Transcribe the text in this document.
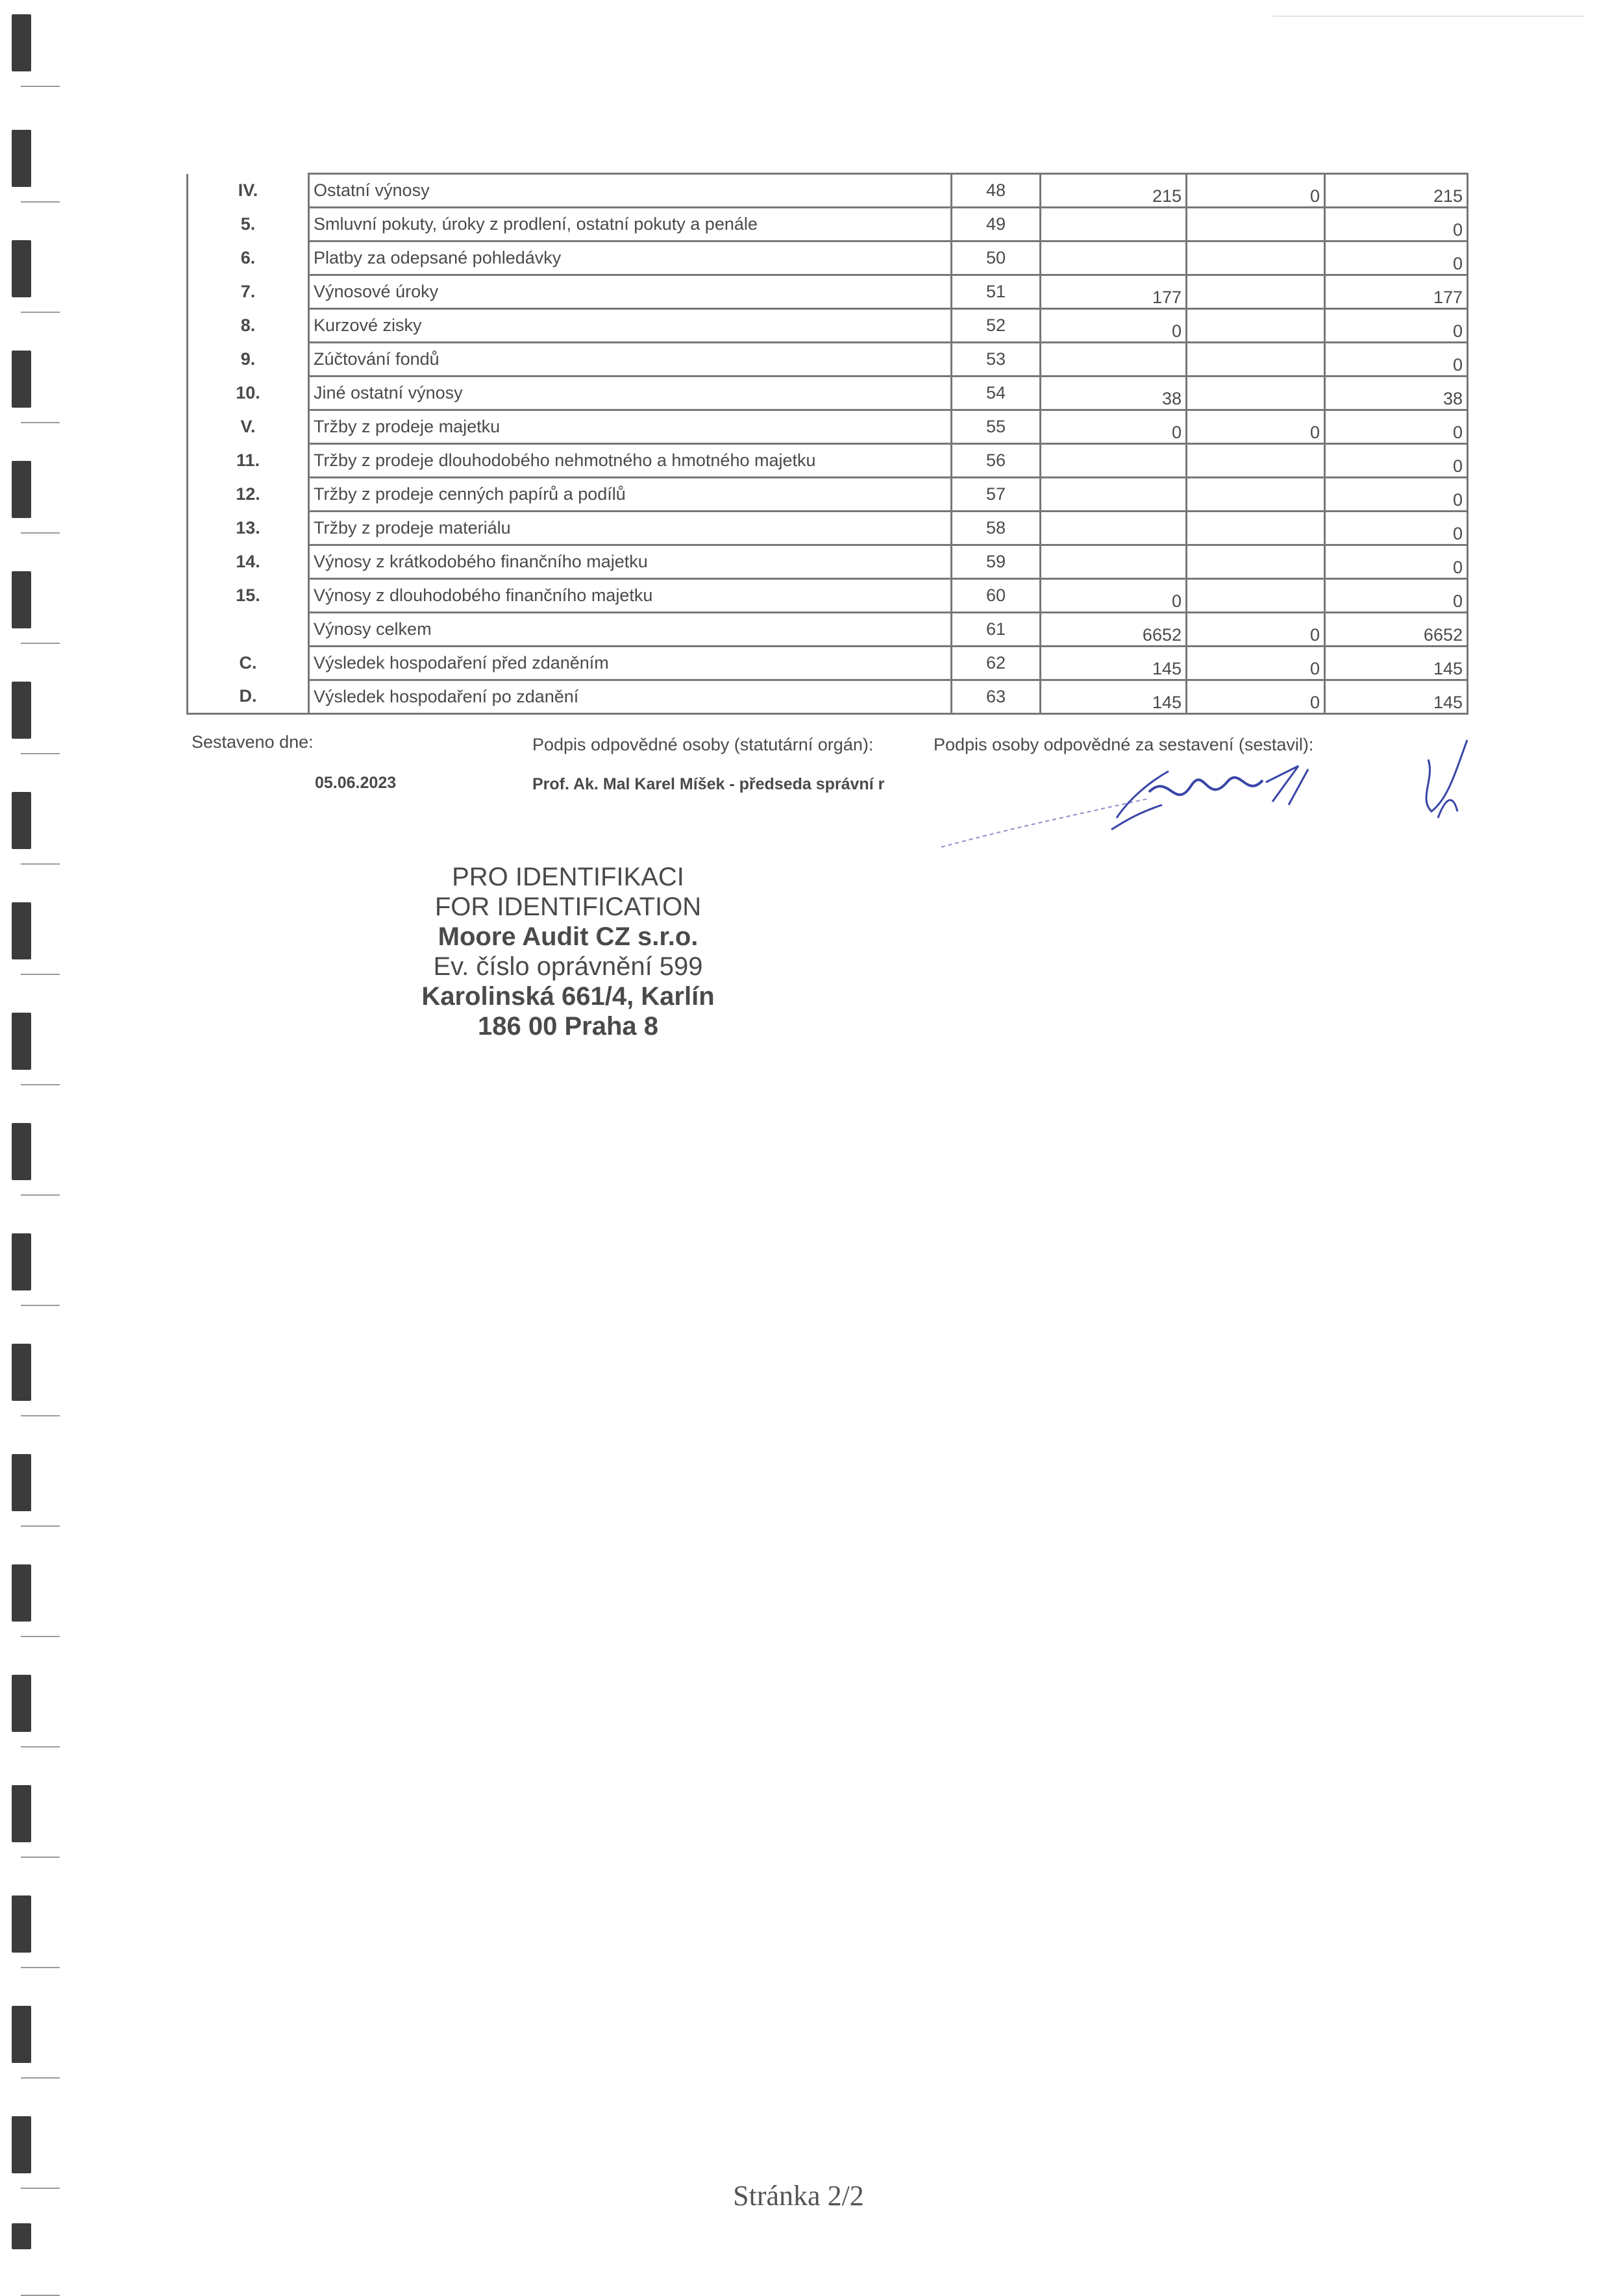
IV.	Ostatní výnosy	48	215	0	215
5.	Smluvní pokuty, úroky z prodlení, ostatní pokuty a penále	49			0
6.	Platby za odepsané pohledávky	50			0
7.	Výnosové úroky	51	177		177
8.	Kurzové zisky	52	0		0
9.	Zúčtování fondů	53			0
10.	Jiné ostatní výnosy	54	38		38
V.	Tržby z prodeje majetku	55	0	0	0
11.	Tržby z prodeje dlouhodobého nehmotného a hmotného majetku	56			0
12.	Tržby z prodeje cenných papírů a podílů	57			0
13.	Tržby z prodeje materiálu	58			0
14.	Výnosy z krátkodobého finančního majetku	59			0
15.	Výnosy z dlouhodobého finančního majetku	60	0		0
	Výnosy celkem	61	6652	0	6652
C.	Výsledek hospodaření před zdaněním	62	145	0	145
D.	Výsledek hospodaření po zdanění	63	145	0	145
Sestaveno dne:
05.06.2023
Podpis odpovědné osoby (statutární orgán):
Prof. Ak. Mal Karel Míšek - předseda správní r
Podpis osoby odpovědné za sestavení (sestavil):
PRO IDENTIFIKACI
FOR IDENTIFICATION
Moore Audit CZ s.r.o.
Ev. číslo oprávnění 599
Karolinská 661/4, Karlín
186 00 Praha 8
Stránka 2/2
